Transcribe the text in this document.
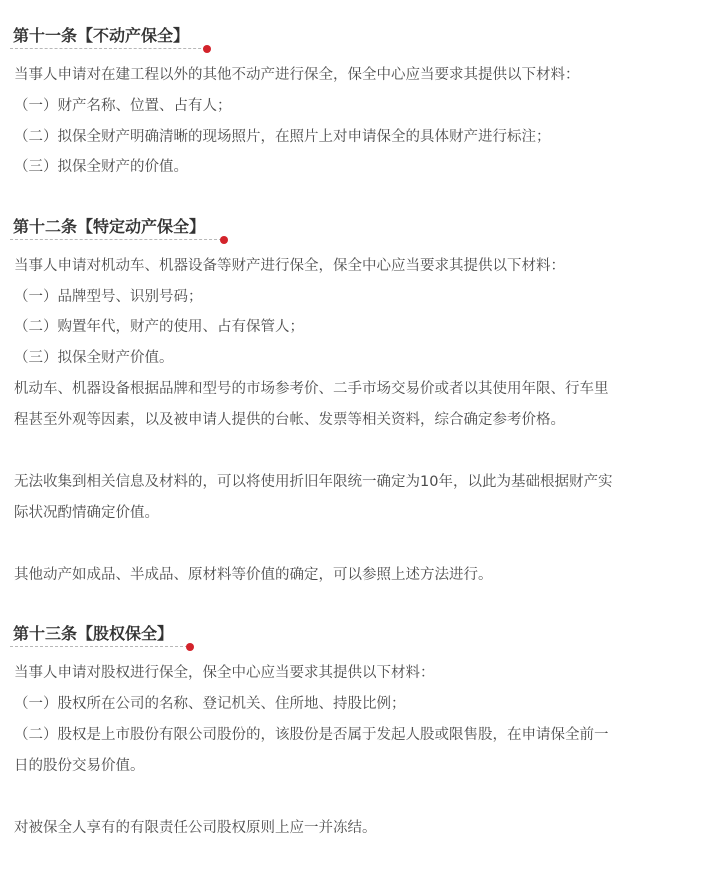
第十一条【不动产保全】

当事人申请对在建工程以外的其他不动产进行保全，保全中心应当要求其提供以下材料：

（一）财产名称、位置、占有人；

（二）拟保全财产明确清晰的现场照片，在照片上对申请保全的具体财产进行标注；

（三）拟保全财产的价值。

第十二条【特定动产保全】

当事人申请对机动车、机器设备等财产进行保全，保全中心应当要求其提供以下材料：

（一）品牌型号、识别号码；

（二）购置年代，财产的使用、占有保管人；

（三）拟保全财产价值。

机动车、机器设备根据品牌和型号的市场参考价、二手市场交易价或者以其使用年限、行车里

程甚至外观等因素，以及被申请人提供的台帐、发票等相关资料，综合确定参考价格。

无法收集到相关信息及材料的，可以将使用折旧年限统一确定为10年，以此为基础根据财产实

际状况酌情确定价值。

其他动产如成品、半成品、原材料等价值的确定，可以参照上述方法进行。

第十三条【股权保全】

当事人申请对股权进行保全，保全中心应当要求其提供以下材料：

（一）股权所在公司的名称、登记机关、住所地、持股比例；

（二）股权是上市股份有限公司股份的，该股份是否属于发起人股或限售股，在申请保全前一

日的股份交易价值。

对被保全人享有的有限责任公司股权原则上应一并冻结。
